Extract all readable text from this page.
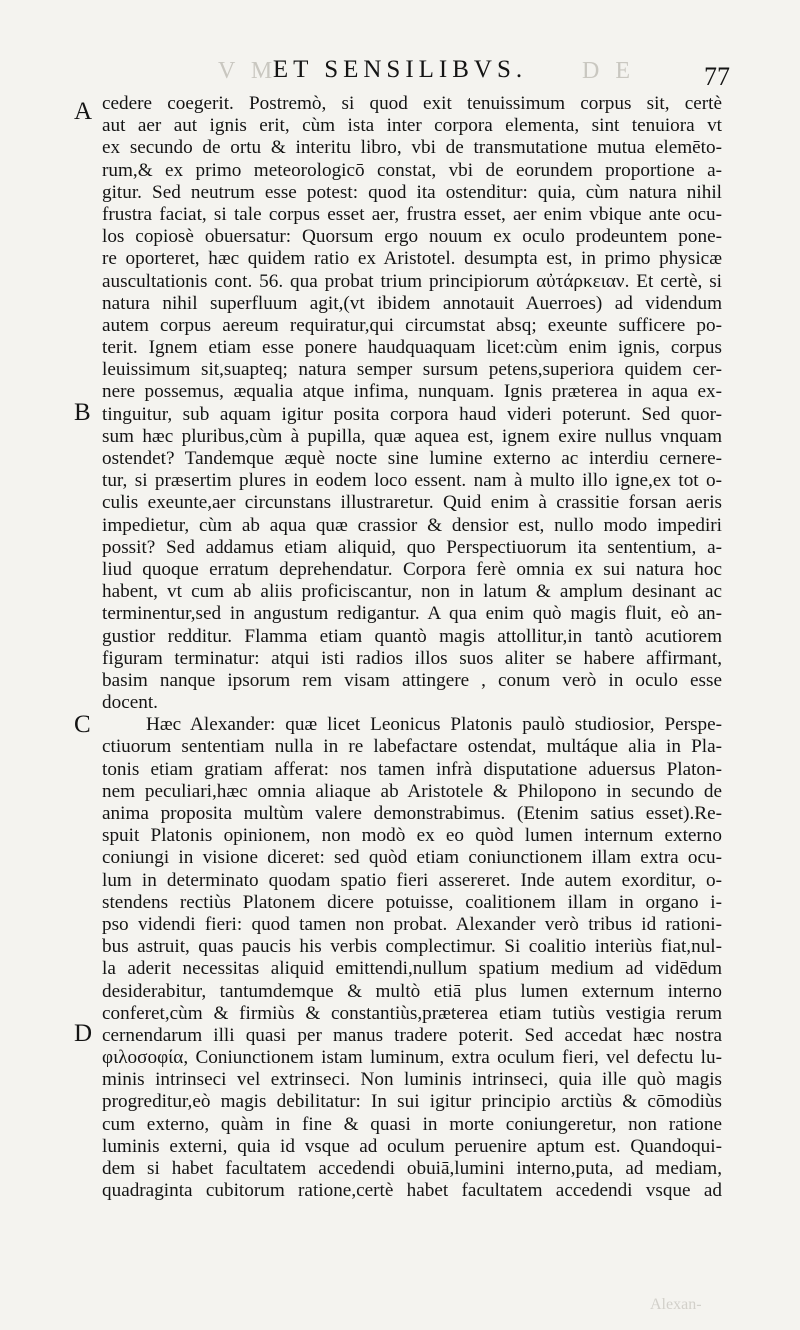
V M
ET SENSILIBVS.	D E	77
A
B
C
D
cedere coegerit. Postremò, si quod exit tenuissimum corpus sit, certè
aut aer aut ignis erit, cùm ista inter corpora elementa, sint tenuiora vt
ex secundo de ortu & interitu libro, vbi de transmutatione mutua elemēto-
rum,& ex primo meteorologicō constat, vbi de eorundem proportione a-
gitur. Sed neutrum esse potest: quod ita ostenditur: quia, cùm natura nihil
frustra faciat, si tale corpus esset aer, frustra esset, aer enim vbique ante ocu-
los copiosè obuersatur: Quorsum ergo nouum ex oculo prodeuntem pone-
re oporteret, hæc quidem ratio ex Aristotel. desumpta est, in primo physicæ
auscultationis cont. 56. qua probat trium principiorum αὐτάρκειαν. Et certè, si
natura nihil superfluum agit,(vt ibidem annotauit Auerroes) ad videndum
autem corpus aereum requiratur,qui circumstat absq; exeunte sufficere po-
terit. Ignem etiam esse ponere haudquaquam licet:cùm enim ignis, corpus
leuissimum sit,suapteq; natura semper sursum petens,superiora quidem cer-
nere possemus, æqualia atque infima, nunquam. Ignis præterea in aqua ex-
tinguitur, sub aquam igitur posita corpora haud videri poterunt. Sed quor-
sum hæc pluribus,cùm à pupilla, quæ aquea est, ignem exire nullus vnquam
ostendet? Tandemque æquè nocte sine lumine externo ac interdiu cernere-
tur, si præsertim plures in eodem loco essent. nam à multo illo igne,ex tot o-
culis exeunte,aer circunstans illustraretur. Quid enim à crassitie forsan aeris
impedietur, cùm ab aqua quæ crassior & densior est, nullo modo impediri
possit? Sed addamus etiam aliquid, quo Perspectiuorum ita sententium, a-
liud quoque erratum deprehendatur. Corpora ferè omnia ex sui natura hoc
habent, vt cum ab aliis proficiscantur, non in latum & amplum desinant ac
terminentur,sed in angustum redigantur. A qua enim quò magis fluit, eò an-
gustior redditur. Flamma etiam quantò magis attollitur,in tantò acutiorem
figuram terminatur: atqui isti radios illos suos aliter se habere affirmant,
basim nanque ipsorum rem visam attingere , conum verò in oculo esse
docent.
Hæc Alexander: quæ licet Leonicus Platonis paulò studiosior, Perspe-
ctiuorum sententiam nulla in re labefactare ostendat, multáque alia in Pla-
tonis etiam gratiam afferat: nos tamen infrà disputatione aduersus Platon-
nem peculiari,hæc omnia aliaque ab Aristotele & Philopono in secundo de
anima proposita multùm valere demonstrabimus. (Etenim satius esset).Re-
spuit Platonis opinionem, non modò ex eo quòd lumen internum externo
coniungi in visione diceret: sed quòd etiam coniunctionem illam extra ocu-
lum in determinato quodam spatio fieri assereret. Inde autem exorditur, o-
stendens rectiùs Platonem dicere potuisse, coalitionem illam in organo i-
pso videndi fieri: quod tamen non probat. Alexander verò tribus id rationi-
bus astruit, quas paucis his verbis complectimur. Si coalitio interiùs fiat,nul-
la aderit necessitas aliquid emittendi,nullum spatium medium ad vidēdum
desiderabitur, tantumdemque & multò etiā plus lumen externum interno
conferet,cùm & firmiùs & constantiùs,præterea etiam tutiùs vestigia rerum
cernendarum illi quasi per manus tradere poterit. Sed accedat hæc nostra
φιλοσοφία, Coniunctionem istam luminum, extra oculum fieri, vel defectu lu-
minis intrinseci vel extrinseci. Non luminis intrinseci, quia ille quò magis
progreditur,eò magis debilitatur: In sui igitur principio arctiùs & cōmodiùs
cum externo, quàm in fine & quasi in morte coniungeretur, non ratione
luminis externi, quia id vsque ad oculum peruenire aptum est. Quandoqui-
dem si habet facultatem accedendi obuiā,lumini interno,puta, ad mediam,
quadraginta cubitorum ratione,certè habet facultatem accedendi vsque ad
Alexan-
